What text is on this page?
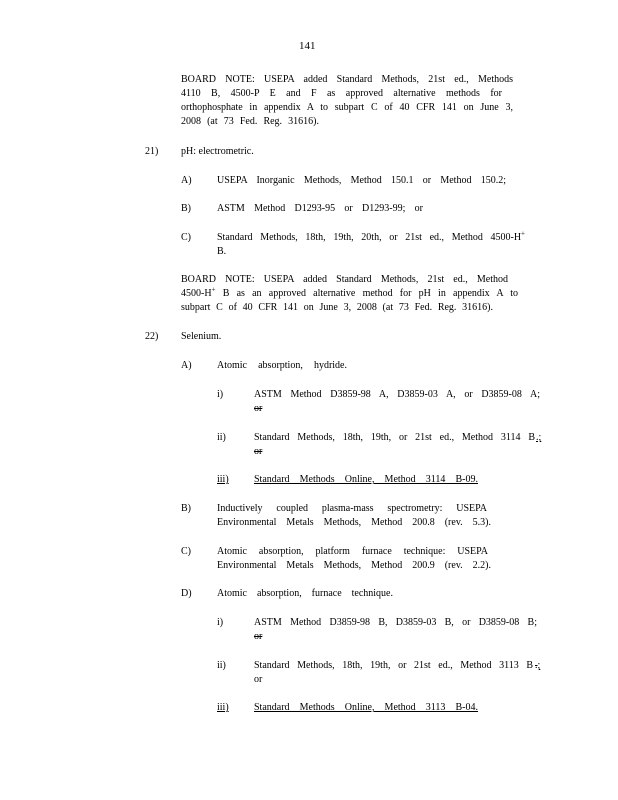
141
BOARD NOTE: USEPA added Standard Methods, 21st ed., Methods
4110 B, 4500-P E and F as approved alternative methods for
orthophosphate in appendix A to subpart C of 40 CFR 141 on June 3,
2008 (at 73 Fed. Reg. 31616).
21) pH: electrometric.
A)	USEPA Inorganic Methods, Method 150.1 or Method 150.2;
B)	ASTM Method D1293-95 or D1293-99; or
C)	Standard Methods, 18th, 19th, 20th, or 21st ed., Method 4500-H+
B.
BOARD NOTE: USEPA added Standard Methods, 21st ed., Method
4500-H+ B as an approved alternative method for pH in appendix A to
subpart C of 40 CFR 141 on June 3, 2008 (at 73 Fed. Reg. 31616).
22) Selenium.
A)	Atomic absorption, hydride.
i)	ASTM Method D3859-98 A, D3859-03 A, or D3859-08 A;
or
ii)	Standard Methods, 18th, 19th, or 21st ed., Method 3114 B .;
or
iii)	Standard Methods Online, Method 3114 B-09.
B)	Inductively coupled plasma-mass spectrometry: USEPA
Environmental Metals Methods, Method 200.8 (rev. 5.3).
C)	Atomic absorption, platform furnace technique: USEPA
Environmental Metals Methods, Method 200.9 (rev. 2.2).
D)	Atomic absorption, furnace technique.
i)	ASTM Method D3859-98 B, D3859-03 B, or D3859-08 B;
or
ii)	Standard Methods, 18th, 19th, or 21st ed., Method 3113 B .;
or
iii)	Standard Methods Online, Method 3113 B-04.
